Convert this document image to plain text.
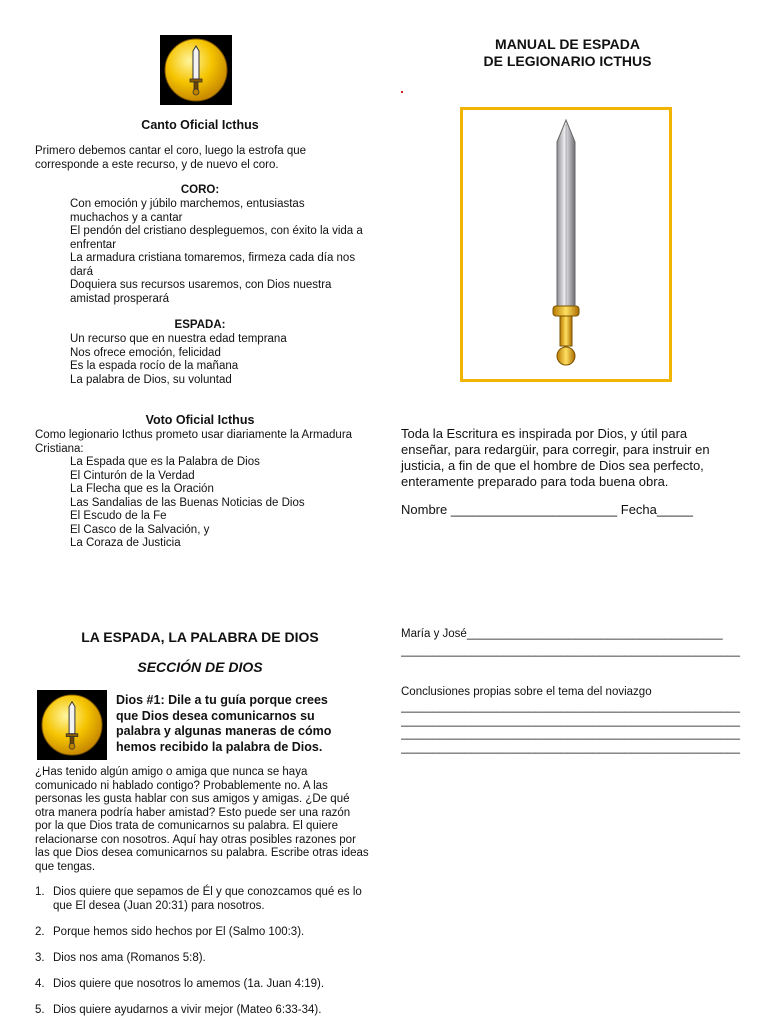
Canto Oficial Icthus
Primero debemos cantar el coro, luego la estrofa que
corresponde a este recurso, y de nuevo el coro.
CORO:
Con emoción y júbilo marchemos, entusiastas
muchachos y a cantar
El pendón del cristiano despleguemos, con éxito la vida a
enfrentar
La armadura cristiana tomaremos, firmeza cada día nos
dará
Doquiera sus recursos usaremos, con Dios nuestra
amistad prosperará
ESPADA:
Un recurso que en nuestra edad temprana
Nos ofrece emoción, felicidad
Es la espada rocío de la mañana
La palabra de Dios, su voluntad
Voto Oficial Icthus
Como legionario Icthus prometo usar diariamente la Armadura
Cristiana:
La Espada que es la Palabra de Dios
El Cinturón de la Verdad
La Flecha que es la Oración
Las Sandalias de las Buenas Noticias de Dios
El Escudo de la Fe
El Casco de la Salvación, y
La Coraza de Justicia
MANUAL DE ESPADA
DE LEGIONARIO ICTHUS
Toda la Escritura es inspirada por Dios, y útil para
enseñar, para redargüir, para corregir, para instruir en
justicia, a fin de que el hombre de Dios sea perfecto,
enteramente preparado para toda buena obra.
Nombre _______________________ Fecha_____
LA ESPADA, LA PALABRA DE DIOS
SECCIÓN DE DIOS
Dios #1: Dile a tu guía porque crees
que Dios desea comunicarnos su
palabra y algunas maneras de cómo
hemos recibido la palabra de Dios.
¿Has tenido algún amigo o amiga que nunca se haya
comunicado ni hablado contigo? Probablemente no. A las
personas les gusta hablar con sus amigos y amigas. ¿De qué
otra manera podría haber amistad? Esto puede ser una razón
por la que Dios trata de comunicarnos su palabra. El quiere
relacionarse con nosotros. Aquí hay otras posibles razones por
las que Dios desea comunicarnos su palabra. Escribe otras ideas
que tengas.
1. Dios quiere que sepamos de Él y que conozcamos qué es lo
que El desea (Juan 20:31) para nosotros.
2. Porque hemos sido hechos por El (Salmo 100:3).
3. Dios nos ama (Romanos 5:8).
4. Dios quiere que nosotros lo amemos (1a. Juan 4:19).
5. Dios quiere ayudarnos a vivir mejor (Mateo 6:33-34).
María y José________________________________________
_____________________________________________________
Conclusiones propias sobre el tema del noviazgo
_____________________________________________________
_____________________________________________________
_____________________________________________________
_____________________________________________________
